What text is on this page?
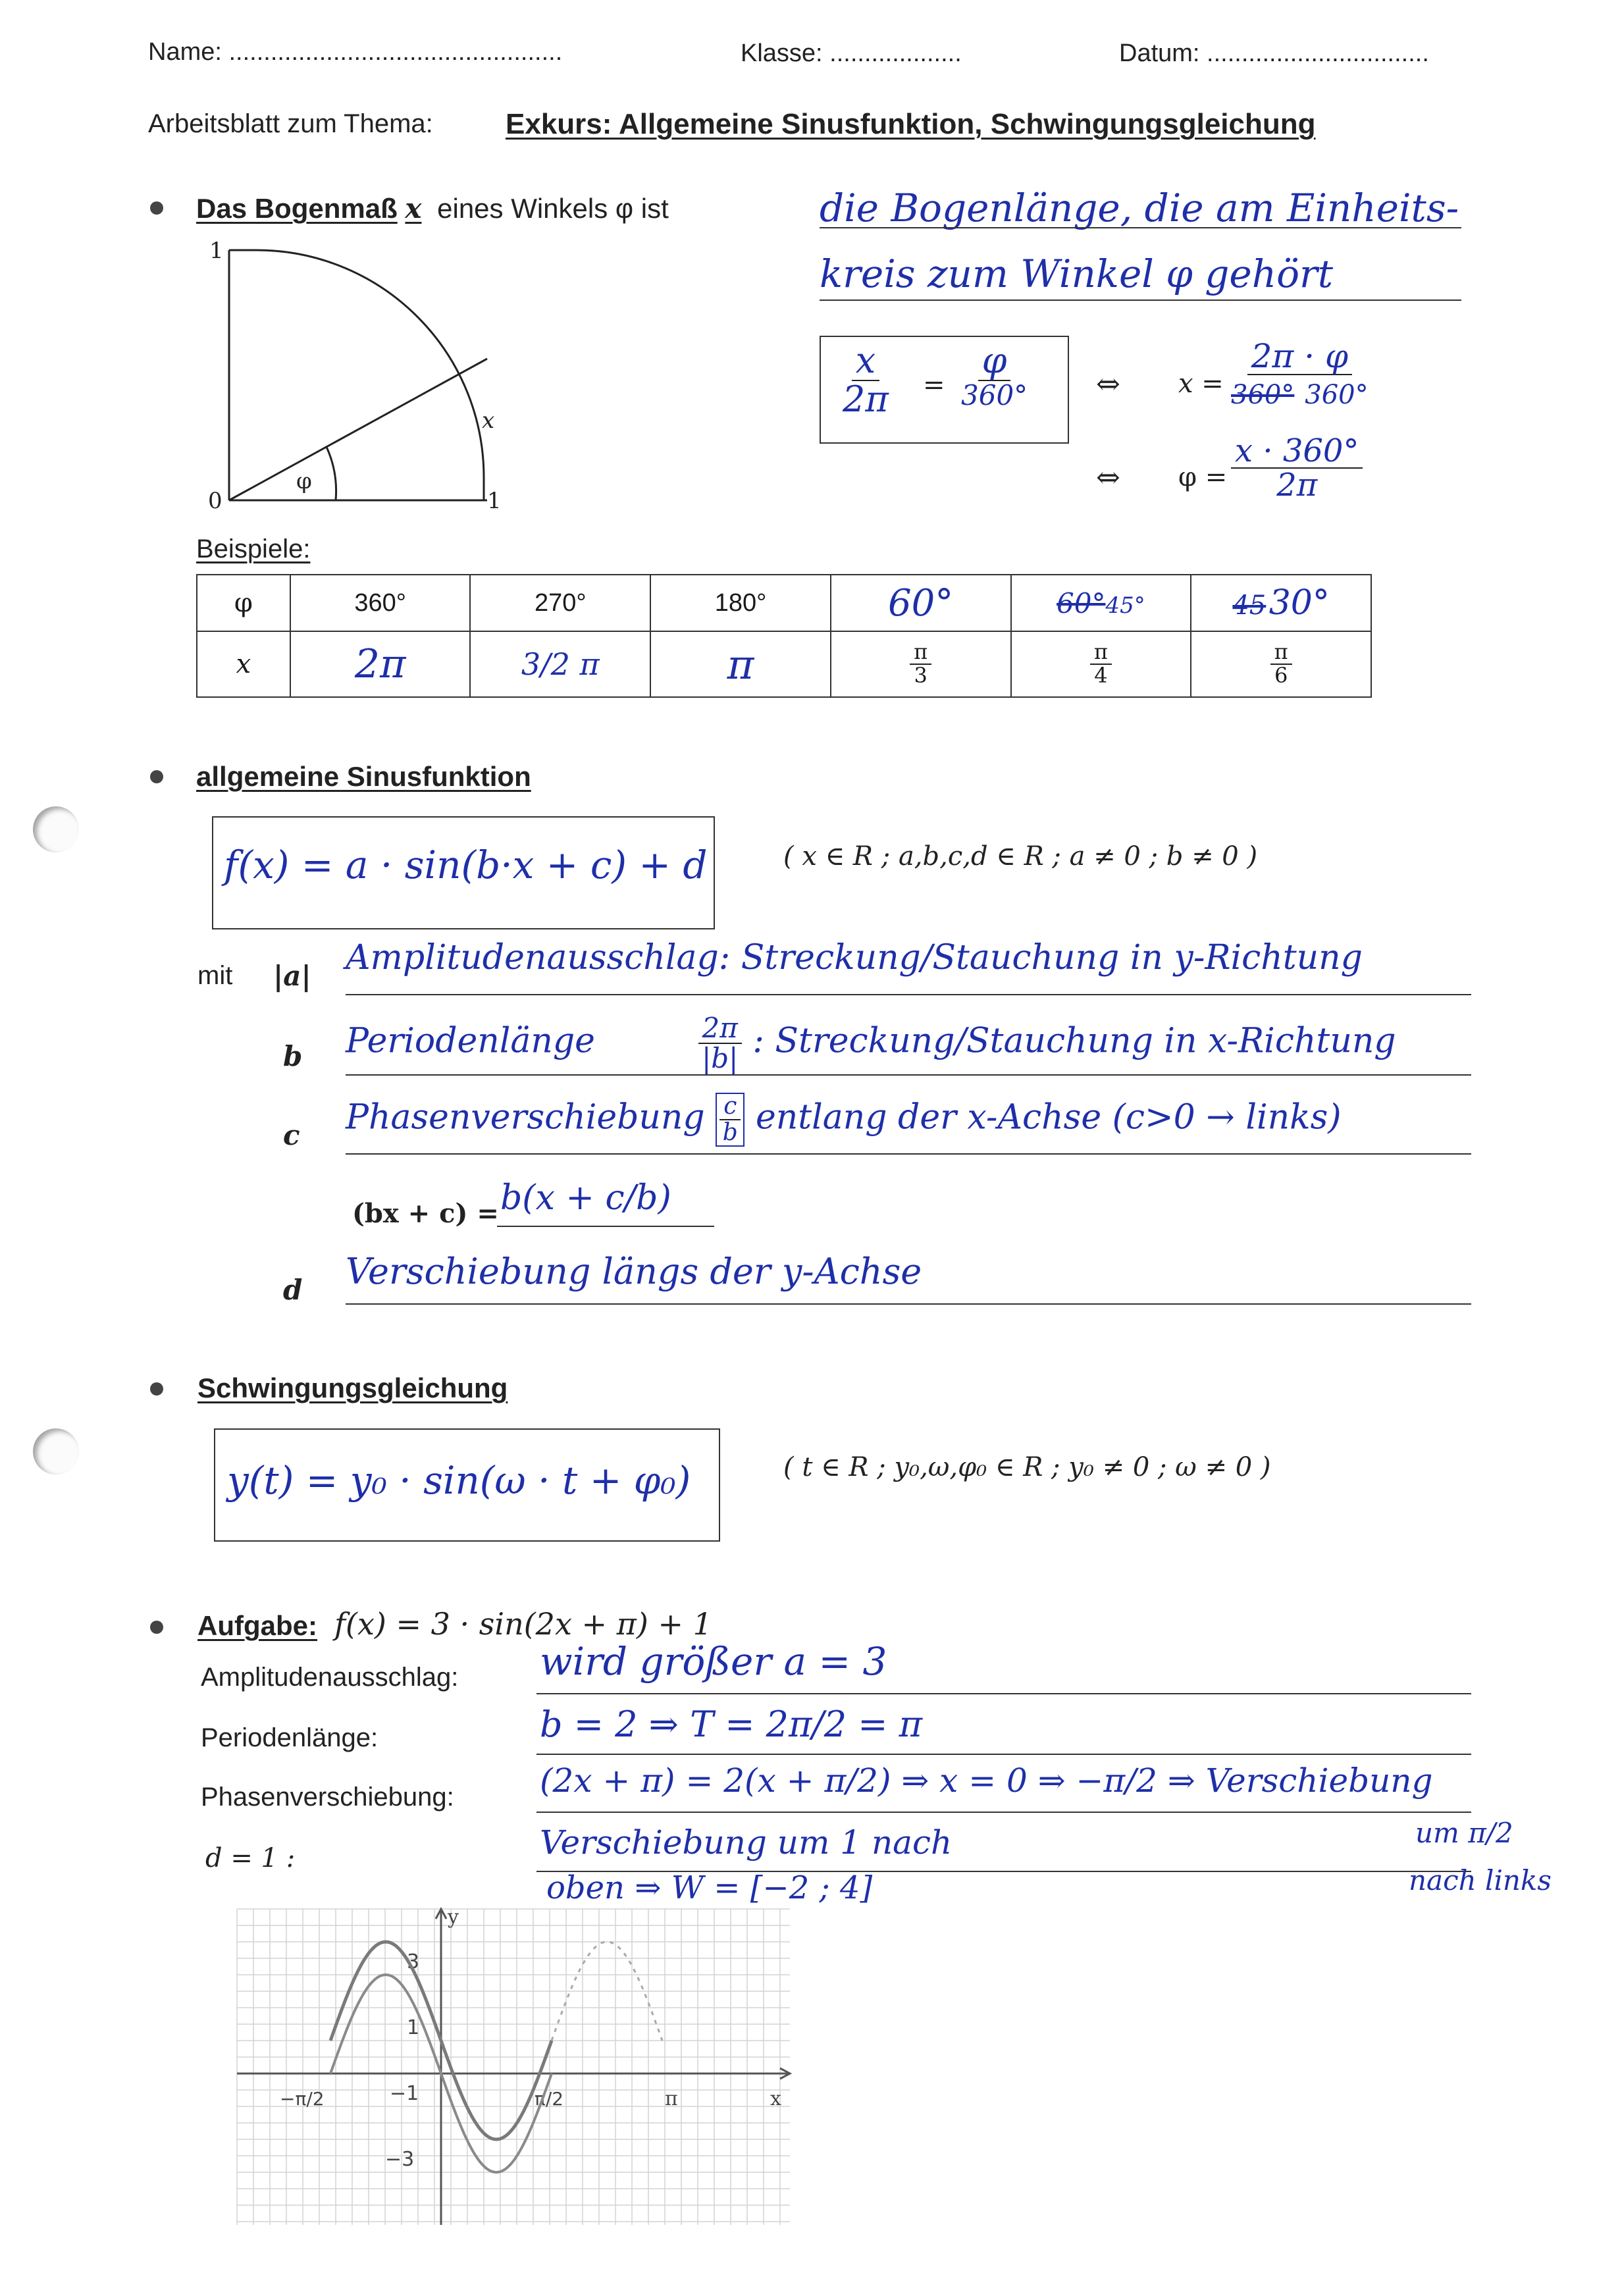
Name: ................................................	Klasse: ...................	Datum: ................................
Arbeitsblatt zum Thema:	Exkurs: Allgemeine Sinusfunktion, Schwingungsgleichung
Das Bogenmaß x eines Winkels φ ist	die Bogenlänge, die am Einheits-
kreis zum Winkel φ gehört
1
0	1
φ
x
$\frac{x}{2\pi} = \frac{\varphi}{360^\circ}$ ⇔ $x = \frac{2\pi \cdot \varphi}{360^\circ 360^\circ}$
⇔ $\varphi = \frac{x \cdot 360^\circ}{2\pi}$
Beispiele:
φ	360°	270°	180°	60°	60°45°	45 30°
x	2π	3/2 π	π	$\frac{\pi}{3}$	$\frac{\pi}{4}$	$\frac{\pi}{6}$
allgemeine Sinusfunktion
f(x) = a · sin(b·x + c) + d	( x ∈ R ; a,b,c,d ∈ R ; a ≠ 0 ; b ≠ 0 )
mit |a| Amplitudenausschlag: Streckung/Stauchung in y-Richtung
b Periodenlänge	$\frac{2\pi}{|b|}$ : Streckung/Stauchung in x-Richtung
c Phasenverschiebung $\frac{c}{b}$ entlang der x-Achse (c>0 → links)
(bx + c) = b(x + c/b)
d Verschiebung längs der y-Achse
Schwingungsgleichung
y(t) = y₀ · sin(ω · t + φ₀)	( t ∈ R ; y₀,ω,φ₀ ∈ R ; y₀ ≠ 0 ; ω ≠ 0 )
Aufgabe: f(x) = 3 · sin(2x + π) + 1
Amplitudenausschlag: wird größer a = 3
Periodenlänge:	b = 2 ⇒ T = 2π/2 = π
Phasenverschiebung:	(2x + π) = 2(x + π/2) ⇒ x = 0 ⇒ −π/2 ⇒ Verschiebung
d = 1 :	Verschiebung um 1 nach
oben ⇒ W = [−2 ; 4]
um π/2
nach links
x
y
3
1
−1
−3
−π/2	π/2	π
